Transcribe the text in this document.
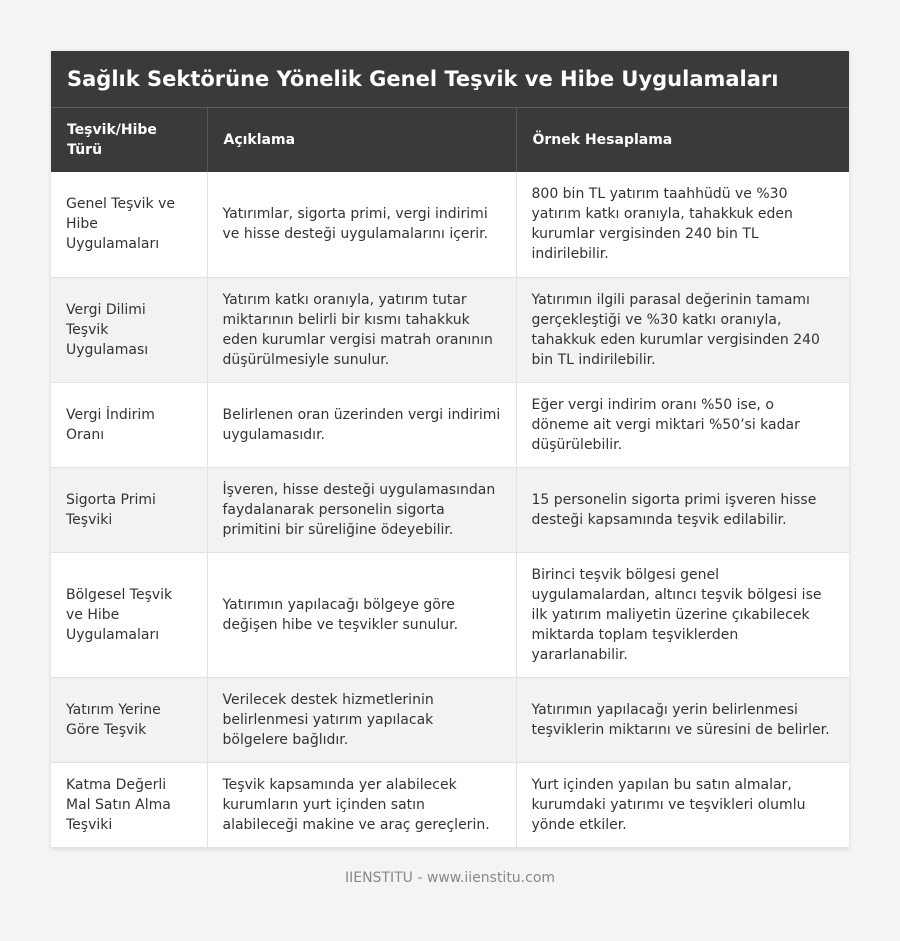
Sağlık Sektörüne Yönelik Genel Teşvik ve Hibe Uygulamaları
Teşvik/Hibe Türü	Açıklama	Örnek Hesaplama
Genel Teşvik ve Hibe Uygulamaları	Yatırımlar, sigorta primi, vergi indirimi ve hisse desteği uygulamalarını içerir.	800 bin TL yatırım taahhüdü ve %30 yatırım katkı oranıyla, tahakkuk eden kurumlar vergisinden 240 bin TL indirilebilir.
Vergi Dilimi Teşvik Uygulaması	Yatırım katkı oranıyla, yatırım tutar miktarının belirli bir kısmı tahakkuk eden kurumlar vergisi matrah oranının düşürülmesiyle sunulur.	Yatırımın ilgili parasal değerinin tamamı gerçekleştiği ve %30 katkı oranıyla, tahakkuk eden kurumlar vergisinden 240 bin TL indirilebilir.
Vergi İndirim Oranı	Belirlenen oran üzerinden vergi indirimi uygulamasıdır.	Eğer vergi indirim oranı %50 ise, o döneme ait vergi miktari %50’si kadar düşürülebilir.
Sigorta Primi Teşviki	İşveren, hisse desteği uygulamasından faydalanarak personelin sigorta primitini bir süreliğine ödeyebilir.	15 personelin sigorta primi işveren hisse desteği kapsamında teşvik edilabilir.
Bölgesel Teşvik ve Hibe Uygulamaları	Yatırımın yapılacağı bölgeye göre değişen hibe ve teşvikler sunulur.	Birinci teşvik bölgesi genel uygulamalardan, altıncı teşvik bölgesi ise ilk yatırım maliyetin üzerine çıkabilecek miktarda toplam teşviklerden yararlanabilir.
Yatırım Yerine Göre Teşvik	Verilecek destek hizmetlerinin belirlenmesi yatırım yapılacak bölgelere bağlıdır.	Yatırımın yapılacağı yerin belirlenmesi teşviklerin miktarını ve süresini de belirler.
Katma Değerli Mal Satın Alma Teşviki	Teşvik kapsamında yer alabilecek kurumların yurt içinden satın alabileceği makine ve araç gereçlerin.	Yurt içinden yapılan bu satın almalar, kurumdaki yatırımı ve teşvikleri olumlu yönde etkiler.
IIENSTITU - www.iienstitu.com
